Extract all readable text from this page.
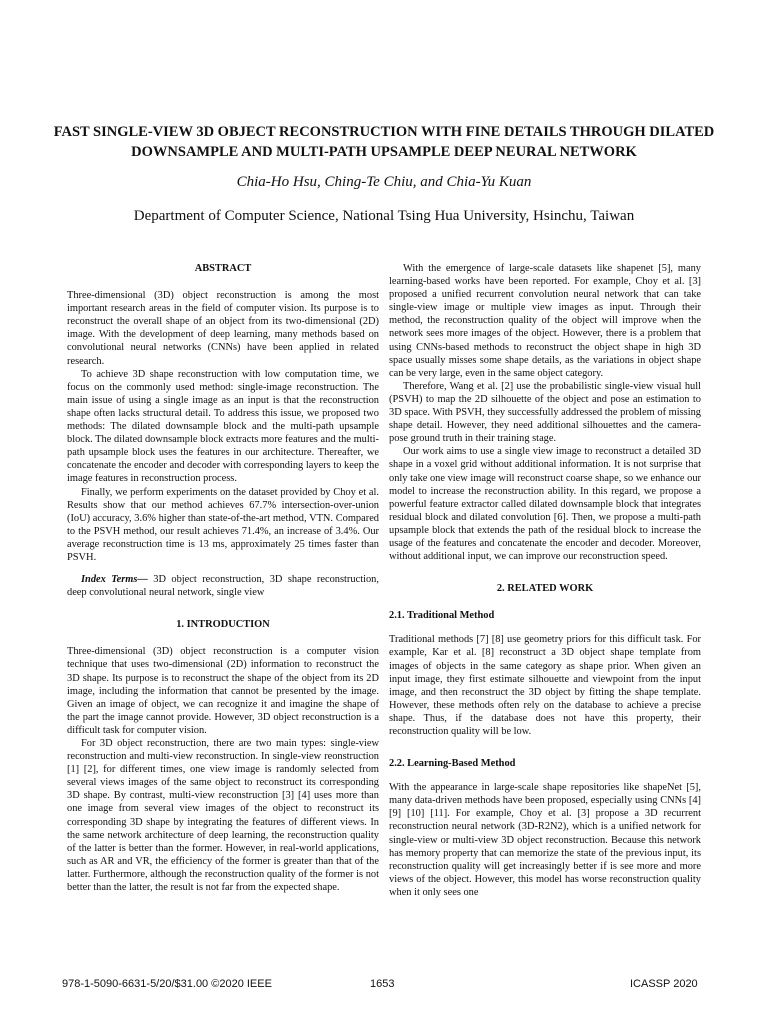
FAST SINGLE-VIEW 3D OBJECT RECONSTRUCTION WITH FINE DETAILS THROUGH DILATED DOWNSAMPLE AND MULTI-PATH UPSAMPLE DEEP NEURAL NETWORK
Chia-Ho Hsu, Ching-Te Chiu, and Chia-Yu Kuan
Department of Computer Science, National Tsing Hua University, Hsinchu, Taiwan
ABSTRACT

Three-dimensional (3D) object reconstruction is among the most important research areas in the field of computer vision. Its purpose is to reconstruct the overall shape of an object from its two-dimensional (2D) image. With the development of deep learning, many methods based on convolutional neural networks (CNNs) have been applied in related research.

To achieve 3D shape reconstruction with low computation time, we focus on the commonly used method: single-image reconstruction. The main issue of using a single image as an input is that the reconstruction shape often lacks structural detail. To address this issue, we proposed two methods: The dilated downsample block and the multi-path upsample block. The dilated downsample block extracts more features and the multi-path upsample block uses the features in our architecture. Thereafter, we concatenate the encoder and decoder with corresponding layers to keep the image features in reconstruction process.

Finally, we perform experiments on the dataset provided by Choy et al. Results show that our method achieves 67.7% intersection-over-union (IoU) accuracy, 3.6% higher than state-of-the-art method, VTN. Compared to the PSVH method, our result achieves 71.4%, an increase of 3.4%. Our average reconstruction time is 13 ms, approximately 25 times faster than PSVH.

Index Terms— 3D object reconstruction, 3D shape reconstruction, deep convolutional neural network, single view

1. INTRODUCTION

Three-dimensional (3D) object reconstruction is a computer vision technique that uses two-dimensional (2D) information to reconstruct the 3D shape. Its purpose is to reconstruct the shape of the object from its 2D image, including the information that cannot be presented by the image. Given an image of object, we can recognize it and imagine the shape of the part the image cannot provide. However, 3D object reconstruction is a difficult task for computer vision.

For 3D object reconstruction, there are two main types: single-view reconstruction and multi-view reconstruction. In single-view reonstruction [1] [2], for different times, one view image is randomly selected from several views images of the same object to reconstruct its corresponding 3D shape. By contrast, multi-view reconstruction [3] [4] uses more than one image from several view images of the object to reconstruct its corresponding 3D shape by integrating the features of different views. In the same network architecture of deep learning, the reconstruction quality of the latter is better than the former. However, in real-world applications, such as AR and VR, the efficiency of the former is greater than that of the latter. Furthermore, although the reconstruction quality of the former is not better than the latter, the result is not far from the expected shape.

With the emergence of large-scale datasets like shapenet [5], many learning-based works have been reported. For example, Choy et al. [3] proposed a unified recurrent convolution neural network that can take single-view image or multiple view images as input. Through their method, the reconstruction quality of the object will improve when the network sees more images of the object. However, there is a problem that using CNNs-based methods to reconstruct the object shape in high 3D space usually misses some shape details, as the variations in object shape can be very large, even in the same object category.

Therefore, Wang et al. [2] use the probabilistic single-view visual hull (PSVH) to map the 2D silhouette of the object and pose an estimation to 3D space. With PSVH, they successfully addressed the problem of missing shape detail. However, they need additional silhouettes and the camera-pose ground truth in their training stage.

Our work aims to use a single view image to reconstruct a detailed 3D shape in a voxel grid without additional information. It is not surprise that only take one view image will reconstruct coarse shape, so we enhance our model to increase the reconstruction ability. In this regard, we propose a powerful feature extractor called dilated downsample block that integrates residual block and dilated convolution [6]. Then, we propose a multi-path upsample block that extends the path of the residual block to increase the usage of the features and concatenate the encoder and decoder. Moreover, without additional input, we can improve our reconstruction speed.

2. RELATED WORK
2.1. Traditional Method

Traditional methods [7] [8] use geometry priors for this difficult task. For example, Kar et al. [8] reconstruct a 3D object shape template from images of objects in the same category as shape prior. When given an input image, they first estimate silhouette and viewpoint from the input image, and then reconstruct the 3D object by fitting the shape template. However, these methods often rely on the database to achieve a precise shape. Thus, if the database does not have this property, their reconstruction quality will be low.

2.2. Learning-Based Method

With the appearance in large-scale shape repositories like shapeNet [5], many data-driven methods have been proposed, especially using CNNs [4] [9] [10] [11]. For example, Choy et al. [3] propose a 3D recurrent reconstruction neural network (3D-R2N2), which is a unified network for single-view or multi-view 3D object reconstruction. Because this network has memory property that can memorize the state of the previous input, its reconstruction quality will get increasingly better if is see more and more views of the object. However, this model has worse reconstruction quality when it only sees one

978-1-5090-6631-5/20/$31.00 ©2020 IEEE	1653	ICASSP 2020
